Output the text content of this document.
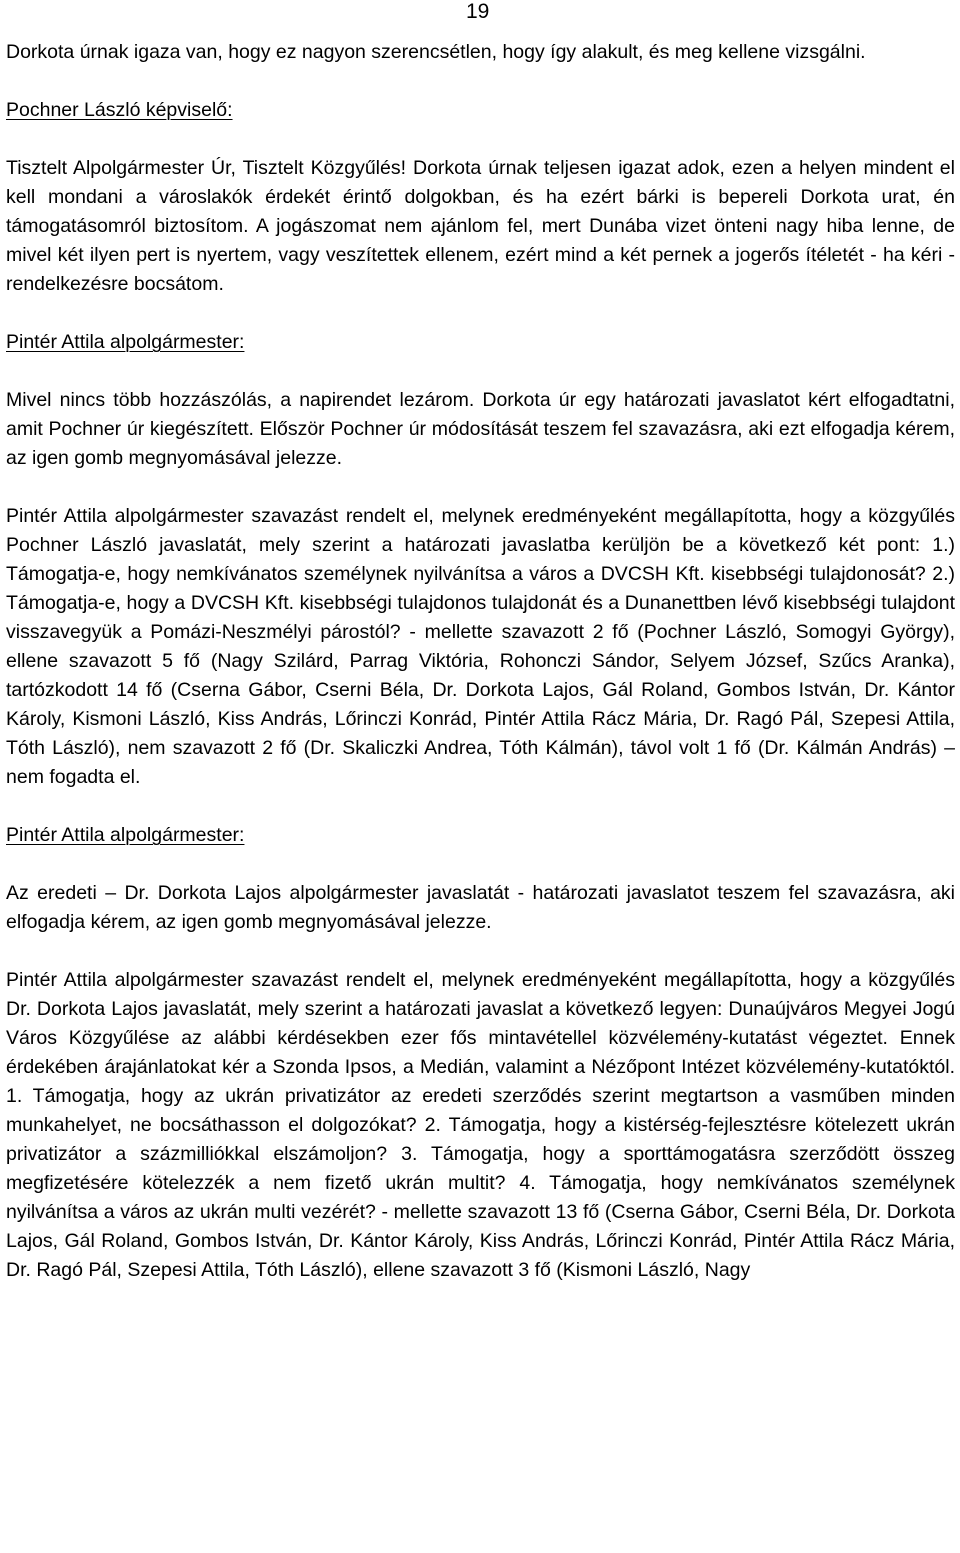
19

Dorkota úrnak igaza van, hogy ez nagyon szerencsétlen, hogy így alakult, és meg kellene vizsgálni.

Pochner László képviselő:

Tisztelt Alpolgármester Úr, Tisztelt Közgyűlés! Dorkota úrnak teljesen igazat adok, ezen a helyen mindent el kell mondani a városlakók érdekét érintő dolgokban, és ha ezért bárki is bepereli Dorkota urat, én támogatásomról biztosítom. A jogászomat nem ajánlom fel, mert Dunába vizet önteni nagy hiba lenne, de mivel két ilyen pert is nyertem, vagy veszítettek ellenem, ezért mind a két pernek a jogerős ítéletét - ha kéri - rendelkezésre bocsátom.

Pintér Attila alpolgármester:

Mivel nincs több hozzászólás, a napirendet lezárom. Dorkota úr egy határozati javaslatot kért elfogadtatni, amit Pochner úr kiegészített. Először Pochner úr módosítását teszem fel szavazásra, aki ezt elfogadja kérem, az igen gomb megnyomásával jelezze.

Pintér Attila alpolgármester szavazást rendelt el, melynek eredményeként megállapította, hogy a közgyűlés Pochner László javaslatát, mely szerint a határozati javaslatba kerüljön be a következő két pont: 1.) Támogatja-e, hogy nemkívánatos személynek nyilvánítsa a város a DVCSH Kft. kisebbségi tulajdonosát? 2.) Támogatja-e, hogy a DVCSH Kft. kisebbségi tulajdonos tulajdonát és a Dunanettben lévő kisebbségi tulajdont visszavegyük a Pomázi-Neszmélyi párostól? - mellette szavazott 2 fő (Pochner László, Somogyi György), ellene szavazott 5 fő (Nagy Szilárd, Parrag Viktória, Rohonczi Sándor, Selyem József, Szűcs Aranka), tartózkodott 14 fő (Cserna Gábor, Cserni Béla, Dr. Dorkota Lajos, Gál Roland, Gombos István, Dr. Kántor Károly, Kismoni László, Kiss András, Lőrinczi Konrád, Pintér Attila Rácz Mária, Dr. Ragó Pál, Szepesi Attila, Tóth László), nem szavazott 2 fő (Dr. Skaliczki Andrea, Tóth Kálmán), távol volt 1 fő (Dr. Kálmán András) – nem fogadta el.

Pintér Attila alpolgármester:

Az eredeti – Dr. Dorkota Lajos alpolgármester javaslatát - határozati javaslatot teszem fel szavazásra, aki elfogadja kérem, az igen gomb megnyomásával jelezze.

Pintér Attila alpolgármester szavazást rendelt el, melynek eredményeként megállapította, hogy a közgyűlés Dr. Dorkota Lajos javaslatát, mely szerint a határozati javaslat a következő legyen: Dunaújváros Megyei Jogú Város Közgyűlése az alábbi kérdésekben ezer fős mintavétellel közvélemény-kutatást végeztet. Ennek érdekében árajánlatokat kér a Szonda Ipsos, a Medián, valamint a Nézőpont Intézet közvélemény-kutatóktól. 1. Támogatja, hogy az ukrán privatizátor az eredeti szerződés szerint megtartson a vasműben minden munkahelyet, ne bocsáthasson el dolgozókat? 2. Támogatja, hogy a kistérség-fejlesztésre kötelezett ukrán privatizátor a százmilliókkal elszámoljon? 3. Támogatja, hogy a sporttámogatásra szerződött összeg megfizetésére kötelezzék a nem fizető ukrán multit? 4. Támogatja, hogy nemkívánatos személynek nyilvánítsa a város az ukrán multi vezérét? - mellette szavazott 13 fő (Cserna Gábor, Cserni Béla, Dr. Dorkota Lajos, Gál Roland, Gombos István, Dr. Kántor Károly, Kiss András, Lőrinczi Konrád, Pintér Attila Rácz Mária, Dr. Ragó Pál, Szepesi Attila, Tóth László), ellene szavazott 3 fő (Kismoni László, Nagy
